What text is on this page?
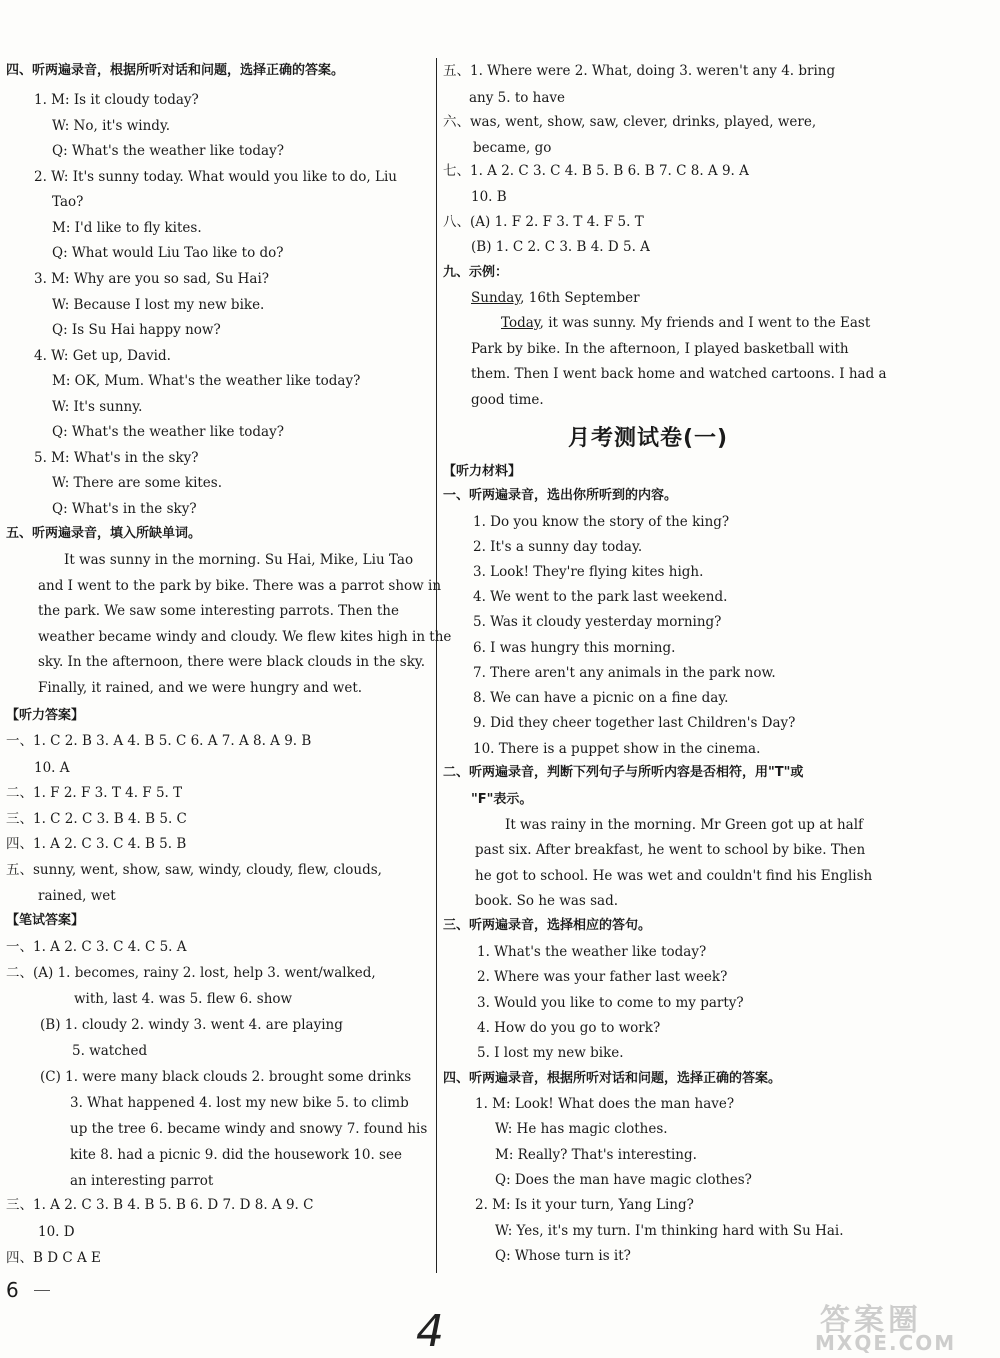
四、听两遍录音，根据所听对话和问题，选择正确的答案。
1. M: Is it cloudy today?
W: No, it's windy.
Q: What's the weather like today?
2. W: It's sunny today. What would you like to do, Liu
Tao?
M: I'd like to fly kites.
Q: What would Liu Tao like to do?
3. M: Why are you so sad, Su Hai?
W: Because I lost my new bike.
Q: Is Su Hai happy now?
4. W: Get up, David.
M: OK, Mum. What's the weather like today?
W: It's sunny.
Q: What's the weather like today?
5. M: What's in the sky?
W: There are some kites.
Q: What's in the sky?
五、听两遍录音，填入所缺单词。
It was sunny in the morning. Su Hai, Mike, Liu Tao
and I went to the park by bike. There was a parrot show in
the park. We saw some interesting parrots. Then the
weather became windy and cloudy. We flew kites high in the
sky. In the afternoon, there were black clouds in the sky.
Finally, it rained, and we were hungry and wet.
【听力答案】
一、1. C 2. B 3. A 4. B 5. C 6. A 7. A 8. A 9. B
10. A
二、1. F 2. F 3. T 4. F 5. T
三、1. C 2. C 3. B 4. B 5. C
四、1. A 2. C 3. C 4. B 5. B
五、sunny, went, show, saw, windy, cloudy, flew, clouds,
rained, wet
【笔试答案】
一、1. A 2. C 3. C 4. C 5. A
二、(A) 1. becomes, rainy 2. lost, help 3. went/walked,
with, last 4. was 5. flew 6. show
(B) 1. cloudy 2. windy 3. went 4. are playing
5. watched
(C) 1. were many black clouds 2. brought some drinks
3. What happened 4. lost my new bike 5. to climb
up the tree 6. became windy and snowy 7. found his
kite 8. had a picnic 9. did the housework 10. see
an interesting parrot
三、1. A 2. C 3. B 4. B 5. B 6. D 7. D 8. A 9. C
10. D
四、B D C A E
五、1. Where were 2. What, doing 3. weren't any 4. bring
any 5. to have
六、was, went, show, saw, clever, drinks, played, were,
became, go
七、1. A 2. C 3. C 4. B 5. B 6. B 7. C 8. A 9. A
10. B
八、(A) 1. F 2. F 3. T 4. F 5. T
(B) 1. C 2. C 3. B 4. D 5. A
九、示例：
Sunday, 16th September
Today, it was sunny. My friends and I went to the East
Park by bike. In the afternoon, I played basketball with
them. Then I went back home and watched cartoons. I had a
good time.
【听力材料】
一、听两遍录音，选出你所听到的内容。
1. Do you know the story of the king?
2. It's a sunny day today.
3. Look! They're flying kites high.
4. We went to the park last weekend.
5. Was it cloudy yesterday morning?
6. I was hungry this morning.
7. There aren't any animals in the park now.
8. We can have a picnic on a fine day.
9. Did they cheer together last Children's Day?
10. There is a puppet show in the cinema.
二、听两遍录音，判断下列句子与所听内容是否相符，用"T"或
"F"表示。
It was rainy in the morning. Mr Green got up at half
past six. After breakfast, he went to school by bike. Then
he got to school. He was wet and couldn't find his English
book. So he was sad.
三、听两遍录音，选择相应的答句。
1. What's the weather like today?
2. Where was your father last week?
3. Would you like to come to my party?
4. How do you go to work?
5. I lost my new bike.
四、听两遍录音，根据所听对话和问题，选择正确的答案。
1. M: Look! What does the man have?
W: He has magic clothes.
M: Really? That's interesting.
Q: Does the man have magic clothes?
2. M: Is it your turn, Yang Ling?
W: Yes, it's my turn. I'm thinking hard with Su Hai.
Q: Whose turn is it?
月考测试卷(一)
6
4	答案圈
MXQE.COM
